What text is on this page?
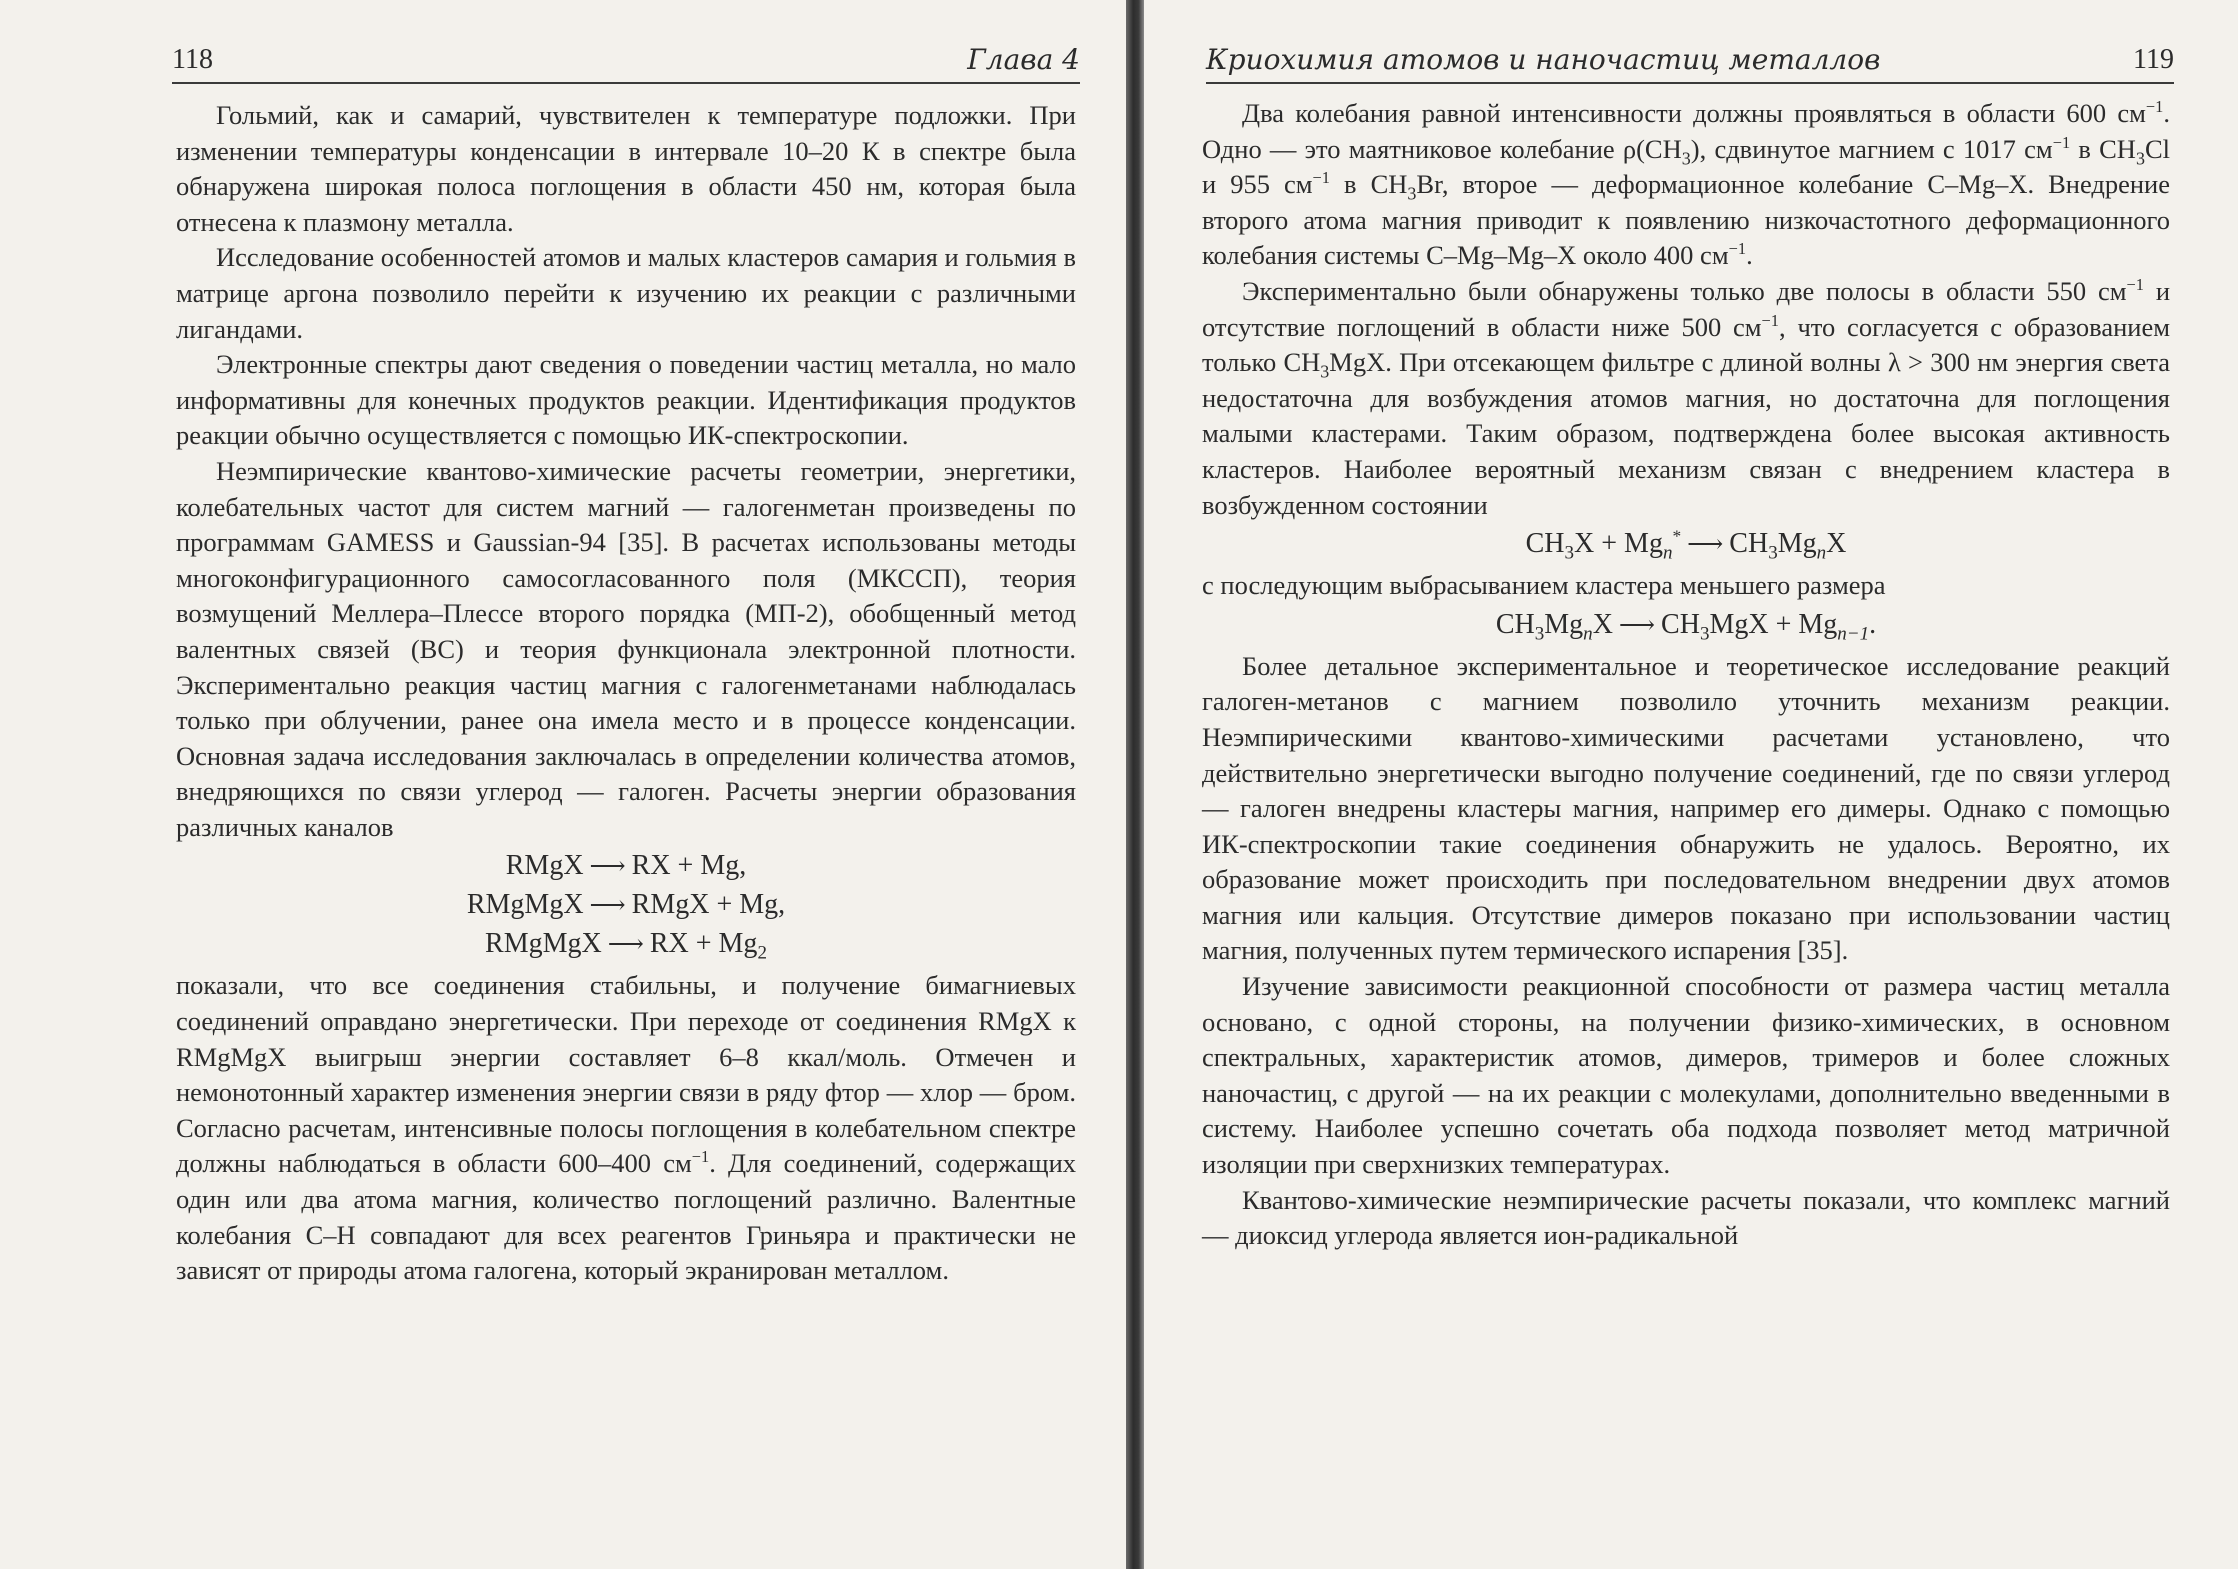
118	Глава 4

Гольмий, как и самарий, чувствителен к температуре подложки. При изменении температуры конденсации в интервале 10–20 К в спектре была обнаружена широкая полоса поглощения в области 450 нм, которая была отнесена к плазмону металла.

Исследование особенностей атомов и малых кластеров самария и гольмия в матрице аргона позволило перейти к изучению их реакции с различными лигандами.

Электронные спектры дают сведения о поведении частиц металла, но мало информативны для конечных продуктов реакции. Идентификация продуктов реакции обычно осуществляется с помощью ИК-спектроскопии.

Неэмпирические квантово-химические расчеты геометрии, энергетики, колебательных частот для систем магний — галогенметан произведены по программам GAMESS и Gaussian-94 [35]. В расчетах использованы методы многоконфигурационного самосогласованного поля (МКССП), теория возмущений Меллера–Плессе второго порядка (МП-2), обобщенный метод валентных связей (ВС) и теория функционала электронной плотности. Экспериментально реакция частиц магния с галогенметанами наблюдалась только при облучении, ранее она имела место и в процессе конденсации. Основная задача исследования заключалась в определении количества атомов, внедряющихся по связи углерод — галоген. Расчеты энергии образования различных каналов

RMgX ⟶ RX + Mg,
RMgMgX ⟶ RMgX + Mg,
RMgMgX ⟶ RX + $Mg_2$

показали, что все соединения стабильны, и получение бимагниевых соединений оправдано энергетически. При переходе от соединения RMgX к RMgMgX выигрыш энергии составляет 6–8 ккал/моль. Отмечен и немонотонный характер изменения энергии связи в ряду фтор — хлор — бром. Согласно расчетам, интенсивные полосы поглощения в колебательном спектре должны наблюдаться в области 600–400 $см^{-1}$. Для соединений, содержащих один или два атома магния, количество поглощений различно. Валентные колебания С–Н совпадают для всех реагентов Гриньяра и практически не зависят от природы атома галогена, который экранирован металлом.

Криохимия атомов и наночастиц металлов	119

Два колебания равной интенсивности должны проявляться в области 600 $см^{-1}$. Одно — это маятниковое колебание $\rho(CH_3)$, сдвинутое магнием с 1017 $см^{-1}$ в $CH_3Cl$ и 955 $см^{-1}$ в $CH_3Br$, второе — деформационное колебание C–Mg–X. Внедрение второго атома магния приводит к появлению низкочастотного деформационного колебания системы C–Mg–Mg–X около 400 $см^{-1}$.

Экспериментально были обнаружены только две полосы в области 550 $см^{-1}$ и отсутствие поглощений в области ниже 500 $см^{-1}$, что согласуется с образованием только $CH_3MgX$. При отсекающем фильтре с длиной волны λ > 300 нм энергия света недостаточна для возбуждения атомов магния, но достаточна для поглощения малыми кластерами. Таким образом, подтверждена более высокая активность кластеров. Наиболее вероятный механизм связан с внедрением кластера в возбужденном состоянии

$CH_3X + Mg_n^*$ ⟶ $CH_3Mg_nX$

с последующим выбрасыванием кластера меньшего размера

$CH_3Mg_nX$ ⟶ $CH_3MgX + Mg_{n-1}$.

Более детальное экспериментальное и теоретическое исследование реакций галоген-метанов с магнием позволило уточнить механизм реакции. Неэмпирическими квантово-химическими расчетами установлено, что действительно энергетически выгодно получение соединений, где по связи углерод — галоген внедрены кластеры магния, например его димеры. Однако с помощью ИК-спектроскопии такие соединения обнаружить не удалось. Вероятно, их образование может происходить при последовательном внедрении двух атомов магния или кальция. Отсутствие димеров показано при использовании частиц магния, полученных путем термического испарения [35].

Изучение зависимости реакционной способности от размера частиц металла основано, с одной стороны, на получении физико-химических, в основном спектральных, характеристик атомов, димеров, тримеров и более сложных наночастиц, с другой — на их реакции с молекулами, дополнительно введенными в систему. Наиболее успешно сочетать оба подхода позволяет метод матричной изоляции при сверхнизких температурах.

Квантово-химические неэмпирические расчеты показали, что комплекс магний — диоксид углерода является ион-радикальной
